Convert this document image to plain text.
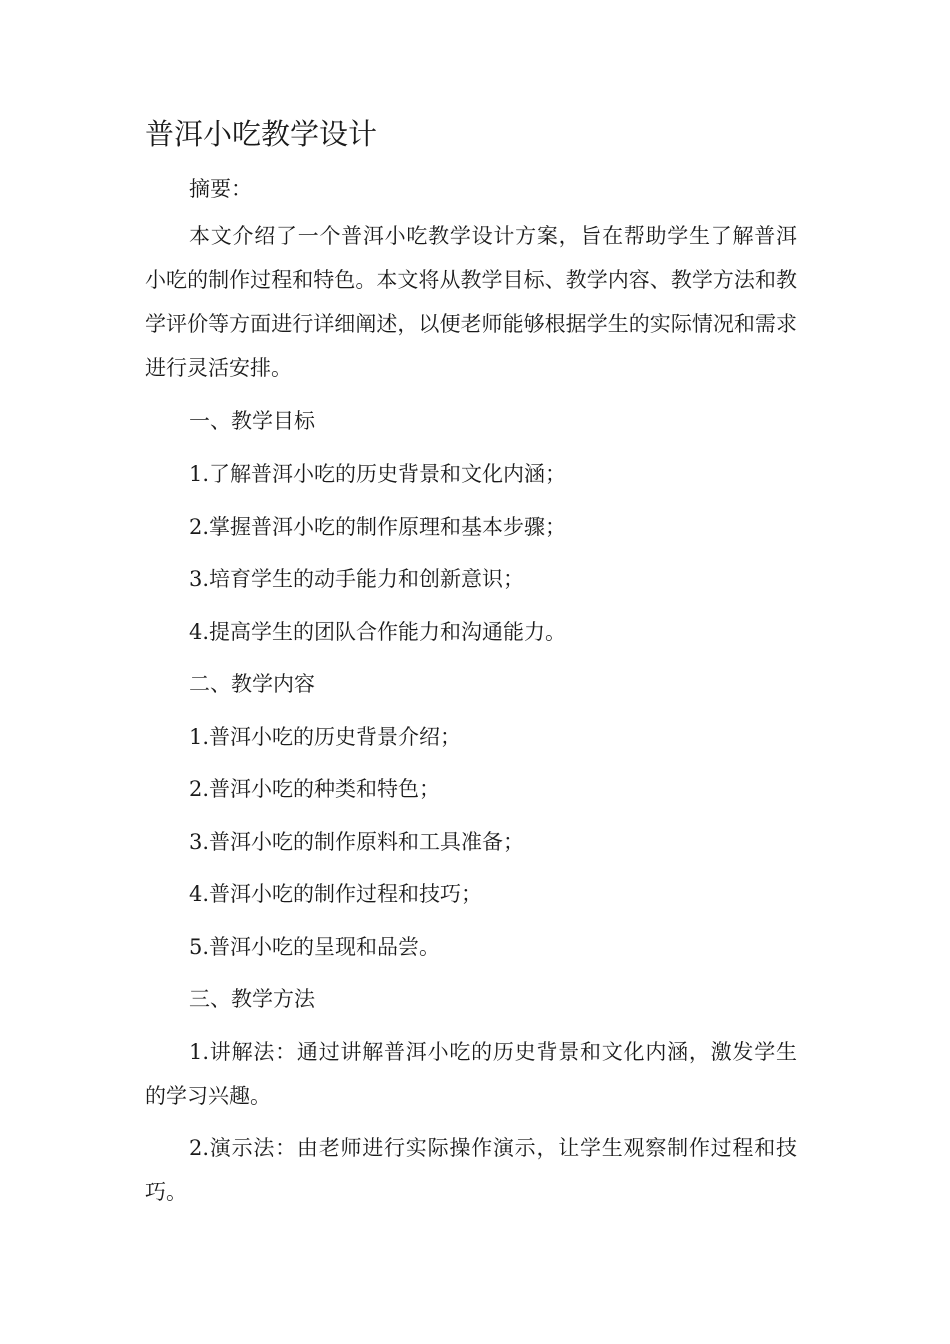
普洱小吃教学设计

摘要：

本文介绍了一个普洱小吃教学设计方案，旨在帮助学生了解普洱小吃的制作过程和特色。本文将从教学目标、教学内容、教学方法和教学评价等方面进行详细阐述，以便老师能够根据学生的实际情况和需求进行灵活安排。

一、教学目标

1.了解普洱小吃的历史背景和文化内涵；

2.掌握普洱小吃的制作原理和基本步骤；

3.培育学生的动手能力和创新意识；

4.提高学生的团队合作能力和沟通能力。

二、教学内容

1.普洱小吃的历史背景介绍；

2.普洱小吃的种类和特色；

3.普洱小吃的制作原料和工具准备；

4.普洱小吃的制作过程和技巧；

5.普洱小吃的呈现和品尝。

三、教学方法

1.讲解法：通过讲解普洱小吃的历史背景和文化内涵，激发学生的学习兴趣。

2.演示法：由老师进行实际操作演示，让学生观察制作过程和技巧。
